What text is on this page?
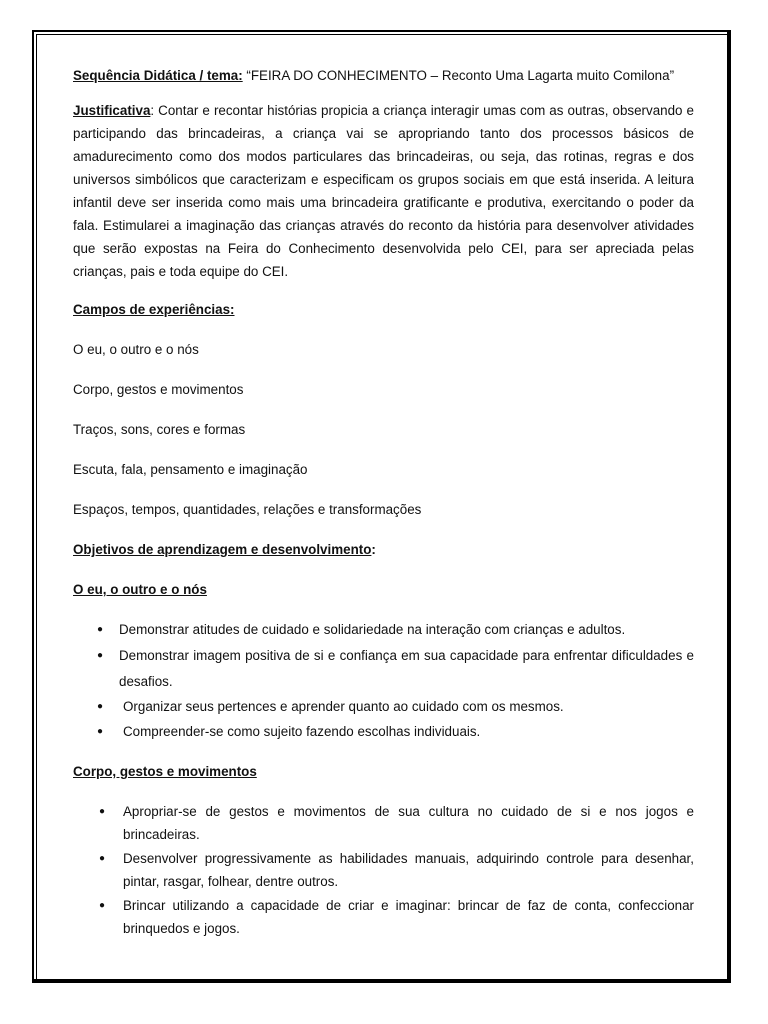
Sequência Didática / tema: “FEIRA DO CONHECIMENTO – Reconto Uma Lagarta muito Comilona”

Justificativa: Contar e recontar histórias propicia a criança interagir umas com as outras, observando e participando das brincadeiras, a criança vai se apropriando tanto dos processos básicos de amadurecimento como dos modos particulares das brincadeiras, ou seja, das rotinas, regras e dos universos simbólicos que caracterizam e especificam os grupos sociais em que está inserida. A leitura infantil deve ser inserida como mais uma brincadeira gratificante e produtiva, exercitando o poder da fala. Estimularei a imaginação das crianças através do reconto da história para desenvolver atividades que serão expostas na Feira do Conhecimento desenvolvida pelo CEI, para ser apreciada pelas crianças, pais e toda equipe do CEI.

Campos de experiências:

O eu, o outro e o nós

Corpo, gestos e movimentos

Traços, sons, cores e formas

Escuta, fala, pensamento e imaginação

Espaços, tempos, quantidades, relações e transformações

Objetivos de aprendizagem e desenvolvimento:

O eu, o outro e o nós

● Demonstrar atitudes de cuidado e solidariedade na interação com crianças e adultos.
● Demonstrar imagem positiva de si e confiança em sua capacidade para enfrentar dificuldades e desafios.
● Organizar seus pertences e aprender quanto ao cuidado com os mesmos.
● Compreender-se como sujeito fazendo escolhas individuais.

Corpo, gestos e movimentos

● Apropriar-se de gestos e movimentos de sua cultura no cuidado de si e nos jogos e brincadeiras.
● Desenvolver progressivamente as habilidades manuais, adquirindo controle para desenhar, pintar, rasgar, folhear, dentre outros.
● Brincar utilizando a capacidade de criar e imaginar: brincar de faz de conta, confeccionar brinquedos e jogos.
